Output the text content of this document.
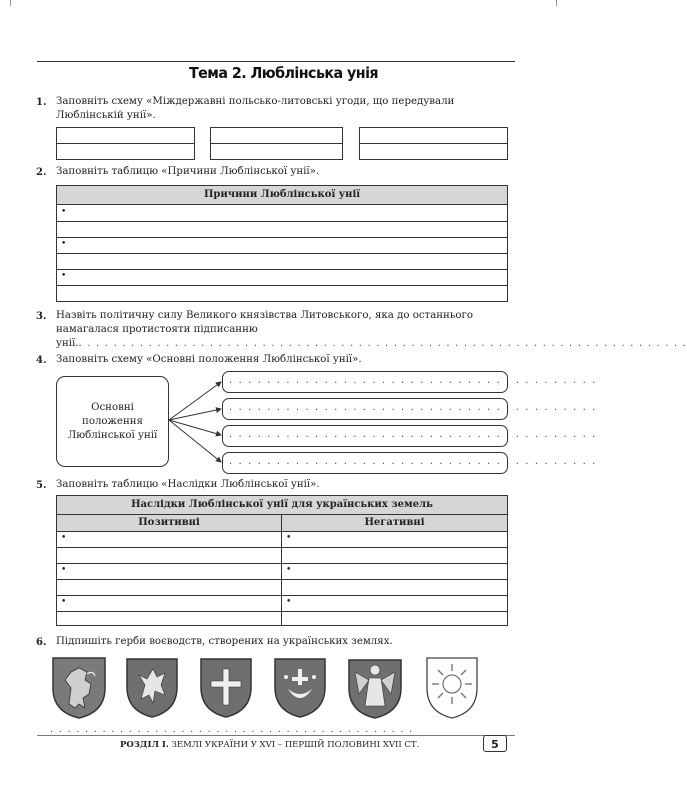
Тема 2. Люблінська унія
1. Заповніть схему «Міждержавні польсько-литовські угоди, що передували Люблінській унії».
2. Заповніть таблицю «Причини Люблінської унії».
Причини Люблінської унії
•
•
•
3. Назвіть політичну силу Великого князівства Литовського, яка до останнього намагалася протистояти підписанню унії.. . . . . . . . . . . . . . . . . . . . . . . . . . . . . . . . . . . . . . . . . . . . . . . . . . . . . . . . . . . . . . . . . . . . . .
4. Заповніть схему «Основні положення Люблінської унії».
Основні положення Люблінської унії
. . . . . . . . . . . . . . . . . . . . . . . . . . . . . . . . . . . . . . .
. . . . . . . . . . . . . . . . . . . . . . . . . . . . . . . . . . . . . . .
. . . . . . . . . . . . . . . . . . . . . . . . . . . . . . . . . . . . . . .
. . . . . . . . . . . . . . . . . . . . . . . . . . . . . . . . . . . . . . .
5. Заповніть таблицю «Наслідки Люблінської унії».
Наслідки Люблінської унії для українських земель
Позитивні	Негативні
•
•
•
•
•
•
6. Підпишіть герби воєводств, створених на українських землях.
. . . . . . . . . . . . . . . . . . . . . . . . . . . . . . . . . . . . . . . . . .
РОЗДІЛ I. ЗЕМЛІ УКРАЇНИ У XVI – ПЕРШІЙ ПОЛОВИНІ XVII СТ.	5
